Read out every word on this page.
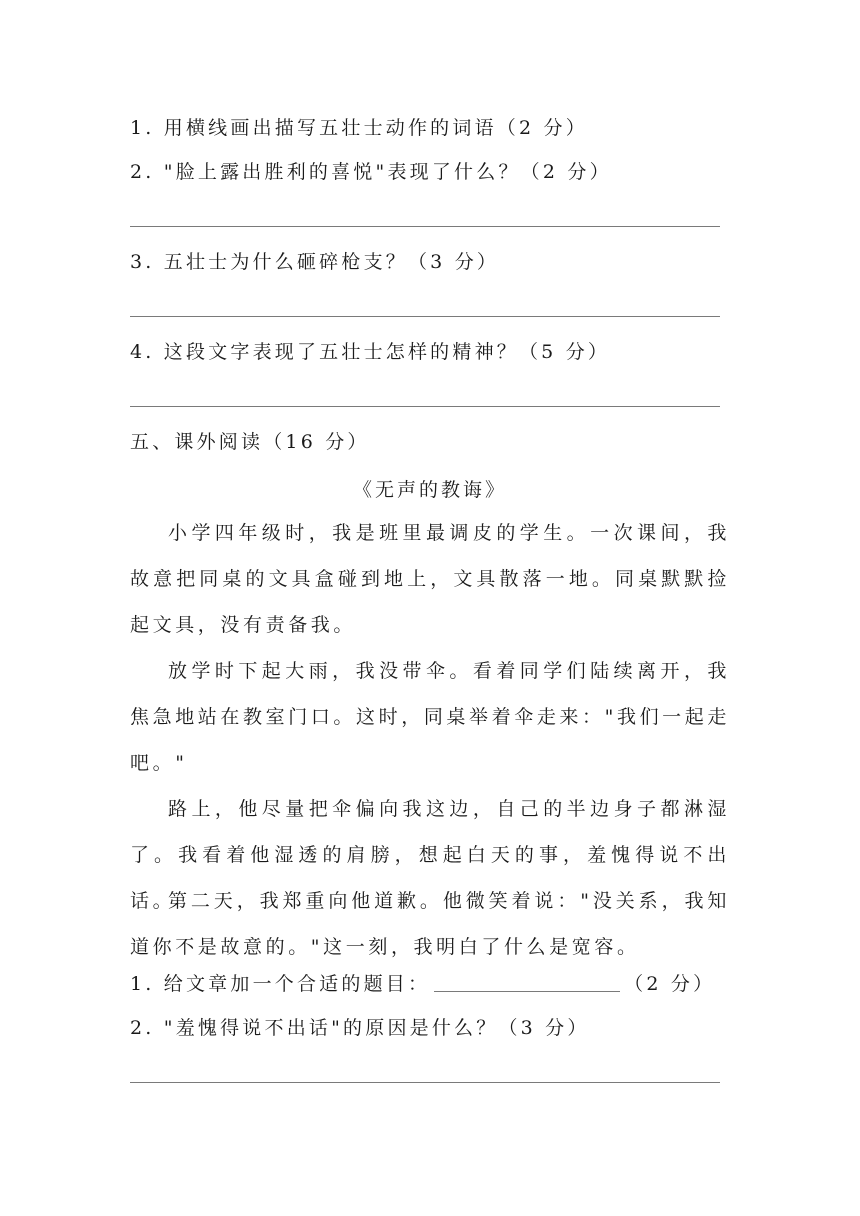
1. 用横线画出描写五壮士动作的词语（2 分）
2. "脸上露出胜利的喜悦"表现了什么？（2 分）
3. 五壮士为什么砸碎枪支？（3 分）
4. 这段文字表现了五壮士怎样的精神？（5 分）
五、课外阅读（16 分）
《无声的教诲》
小学四年级时，我是班里最调皮的学生。一次课间，我故意把同桌的文具盒碰到地上，文具散落一地。同桌默默捡起文具，没有责备我。
放学时下起大雨，我没带伞。看着同学们陆续离开，我焦急地站在教室门口。这时，同桌举着伞走来："我们一起走吧。"
路上，他尽量把伞偏向我这边，自己的半边身子都淋湿了。我看着他湿透的肩膀，想起白天的事，羞愧得说不出话。
第二天，我郑重向他道歉。他微笑着说："没关系，我知道你不是故意的。"这一刻，我明白了什么是宽容。
1. 给文章加一个合适的题目：	（2 分）
2. "羞愧得说不出话"的原因是什么？（3 分）
